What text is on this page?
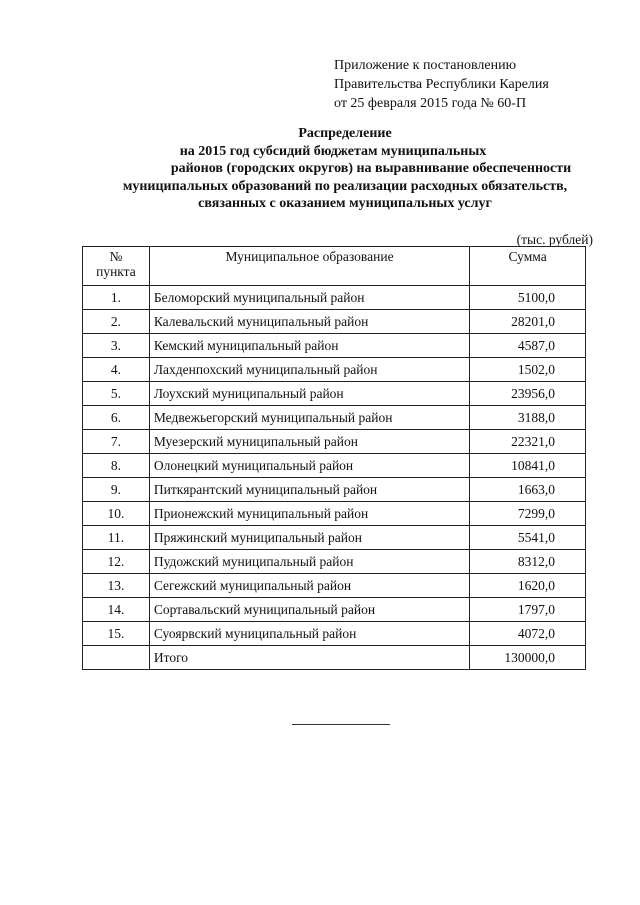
Приложение к постановлению
Правительства Республики Карелия
от 25 февраля 2015 года № 60-П
Распределение
на 2015 год субсидий бюджетам муниципальных
районов (городских округов) на выравнивание обеспеченности
муниципальных образований по реализации расходных обязательств,
связанных с оказанием муниципальных услуг
(тыс. рублей)
№
пункта	Муниципальное образование	Сумма
1.	Беломорский муниципальный район	5100,0
2.	Калевальский муниципальный район	28201,0
3.	Кемский муниципальный район	4587,0
4.	Лахденпохский муниципальный район	1502,0
5.	Лоухский муниципальный район	23956,0
6.	Медвежьегорский муниципальный район	3188,0
7.	Муезерский муниципальный район	22321,0
8.	Олонецкий муниципальный район	10841,0
9.	Питкярантский муниципальный район	1663,0
10.	Прионежский муниципальный район	7299,0
11.	Пряжинский муниципальный район	5541,0
12.	Пудожский муниципальный район	8312,0
13.	Сегежский муниципальный район	1620,0
14.	Сортавальский муниципальный район	1797,0
15.	Суоярвский муниципальный район	4072,0
	Итого	130000,0
